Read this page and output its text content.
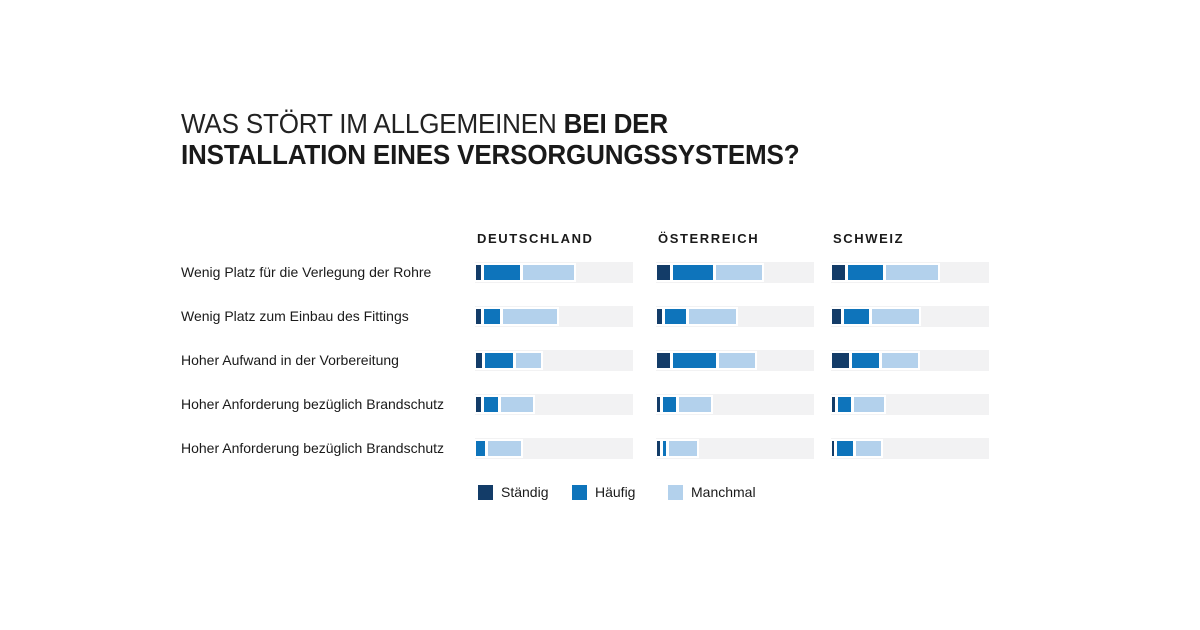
WAS STÖRT IM ALLGEMEINEN BEI DER
INSTALLATION EINES VERSORGUNGSSYSTEMS?
Wenig Platz für die Verlegung der Rohre
Wenig Platz zum Einbau des Fittings
Hoher Aufwand in der Vorbereitung
Hoher Anforderung bezüglich Brandschutz
Hoher Anforderung bezüglich Brandschutz
DEUTSCHLAND	ÖSTERREICH	SCHWEIZ
Ständig	Häufig	Manchmal
